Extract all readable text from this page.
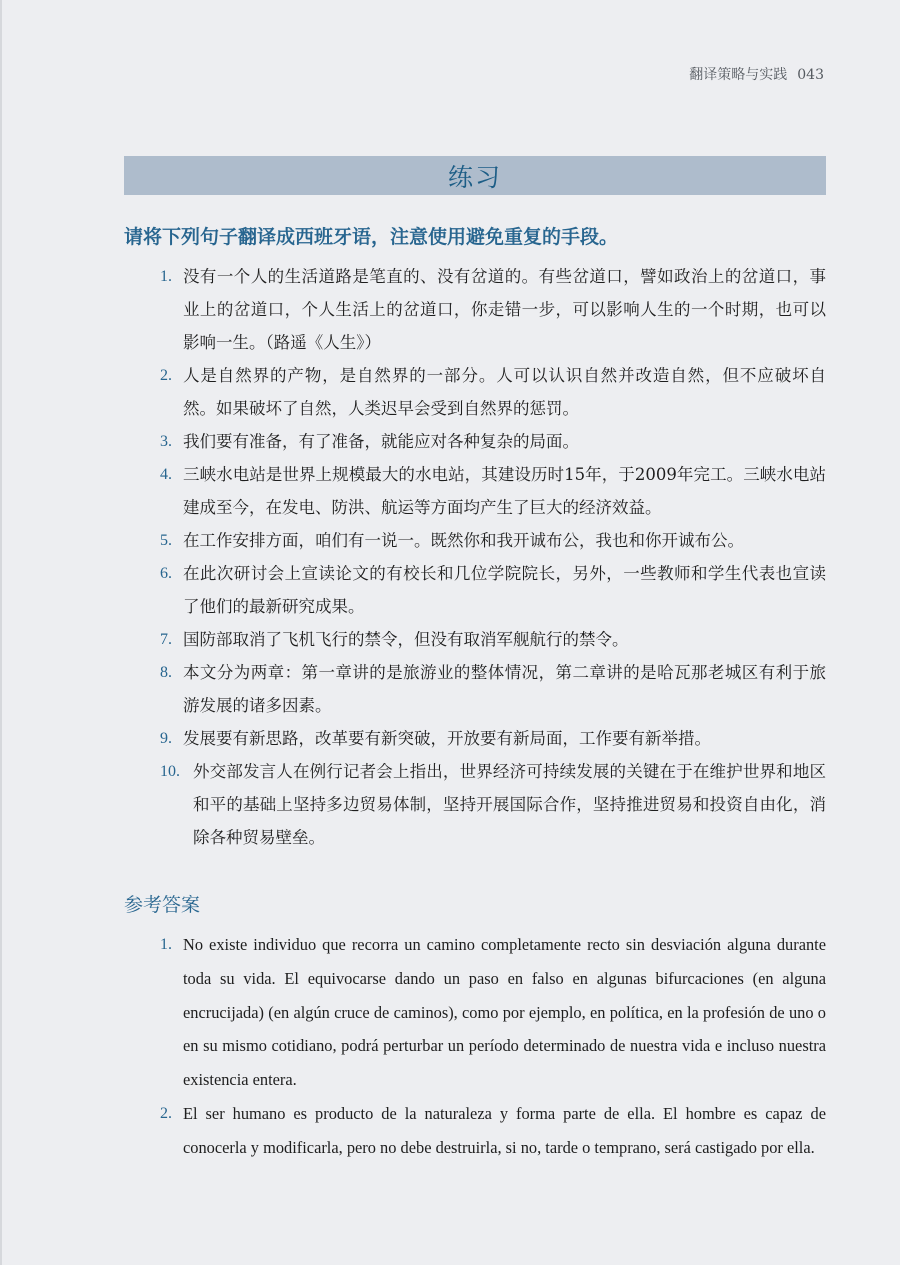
翻译策略与实践 043
练习
请将下列句子翻译成西班牙语，注意使用避免重复的手段。
1. 没有一个人的生活道路是笔直的、没有岔道的。有些岔道口，譬如政治上的岔道口，事业上的岔道口，个人生活上的岔道口，你走错一步，可以影响人生的一个时期，也可以影响一生。（路遥《人生》）
2. 人是自然界的产物，是自然界的一部分。人可以认识自然并改造自然，但不应破坏自然。如果破坏了自然，人类迟早会受到自然界的惩罚。
3. 我们要有准备，有了准备，就能应对各种复杂的局面。
4. 三峡水电站是世界上规模最大的水电站，其建设历时15年，于2009年完工。三峡水电站建成至今，在发电、防洪、航运等方面均产生了巨大的经济效益。
5. 在工作安排方面，咱们有一说一。既然你和我开诚布公，我也和你开诚布公。
6. 在此次研讨会上宣读论文的有校长和几位学院院长，另外，一些教师和学生代表也宣读了他们的最新研究成果。
7. 国防部取消了飞机飞行的禁令，但没有取消军舰航行的禁令。
8. 本文分为两章：第一章讲的是旅游业的整体情况，第二章讲的是哈瓦那老城区有利于旅游发展的诸多因素。
9. 发展要有新思路，改革要有新突破，开放要有新局面，工作要有新举措。
10. 外交部发言人在例行记者会上指出，世界经济可持续发展的关键在于在维护世界和地区和平的基础上坚持多边贸易体制，坚持开展国际合作，坚持推进贸易和投资自由化，消除各种贸易壁垒。
参考答案
1. No existe individuo que recorra un camino completamente recto sin desviación alguna durante toda su vida. El equivocarse dando un paso en falso en algunas bifurcaciones (en alguna encrucijada) (en algún cruce de caminos), como por ejemplo, en política, en la profesión de uno o en su mismo cotidiano, podrá perturbar un período determinado de nuestra vida e incluso nuestra existencia entera.
2. El ser humano es producto de la naturaleza y forma parte de ella. El hombre es capaz de conocerla y modificarla, pero no debe destruirla, si no, tarde o temprano, será castigado por ella.
